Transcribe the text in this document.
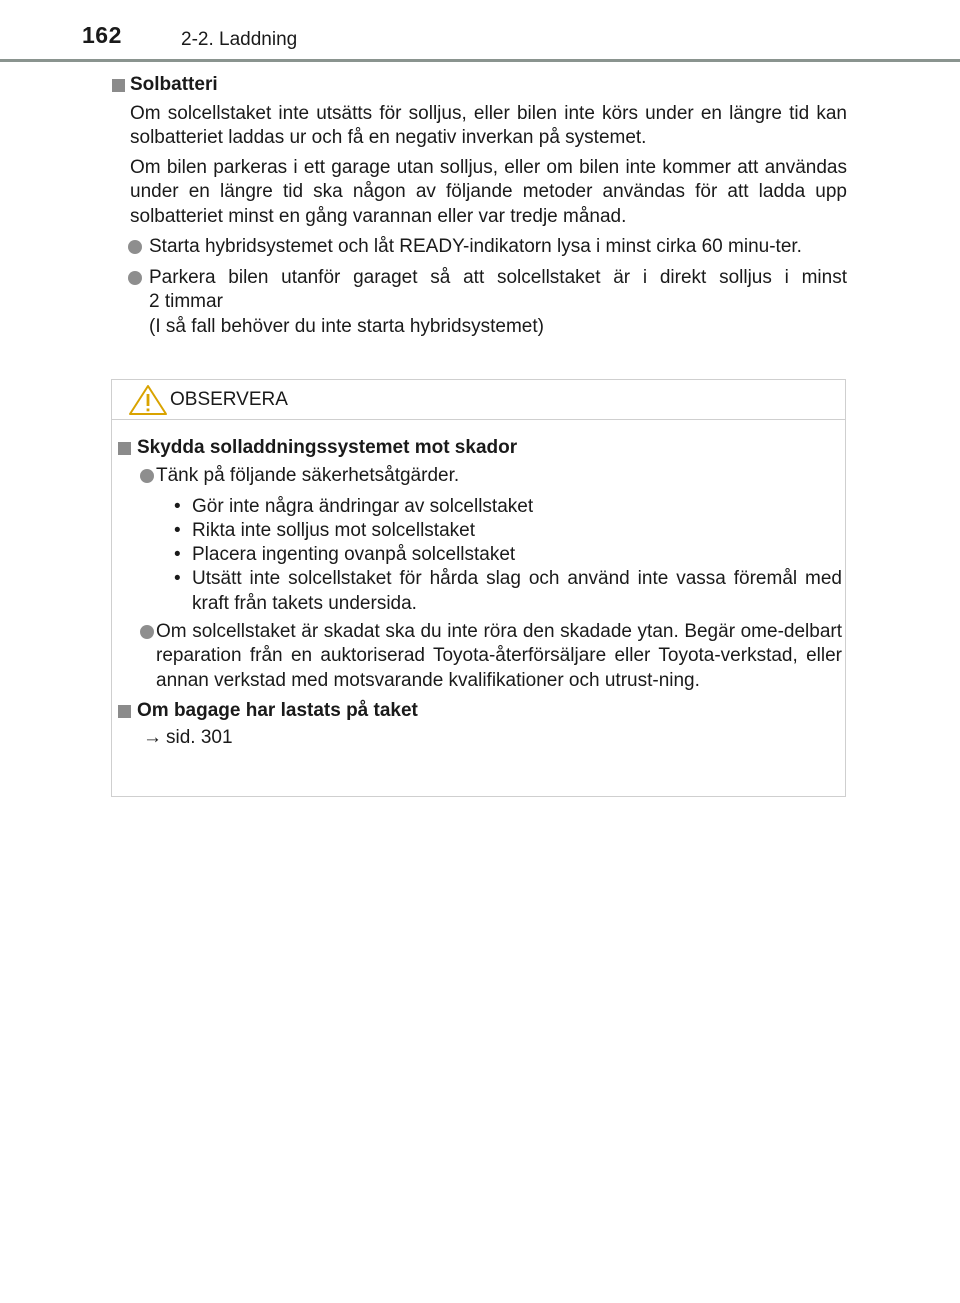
162	2-2. Laddning

Solbatteri

Om solcellstaket inte utsätts för solljus, eller bilen inte körs under en längre tid kan solbatteriet laddas ur och få en negativ inverkan på systemet.

Om bilen parkeras i ett garage utan solljus, eller om bilen inte kommer att användas under en längre tid ska någon av följande metoder användas för att ladda upp solbatteriet minst en gång varannan eller var tredje månad.

Starta hybridsystemet och låt READY-indikatorn lysa i minst cirka 60 minu-ter.

Parkera bilen utanför garaget så att solcellstaket är i direkt solljus i minst
2 timmar
(I så fall behöver du inte starta hybridsystemet)

OBSERVERA

Skydda solladdningssystemet mot skador

Tänk på följande säkerhetsåtgärder.

• Gör inte några ändringar av solcellstaket
• Rikta inte solljus mot solcellstaket
• Placera ingenting ovanpå solcellstaket
• Utsätt inte solcellstaket för hårda slag och använd inte vassa föremål med kraft från takets undersida.

Om solcellstaket är skadat ska du inte röra den skadade ytan. Begär ome-delbart reparation från en auktoriserad Toyota-återförsäljare eller Toyota-verkstad, eller annan verkstad med motsvarande kvalifikationer och utrust-ning.

Om bagage har lastats på taket

→ sid. 301
